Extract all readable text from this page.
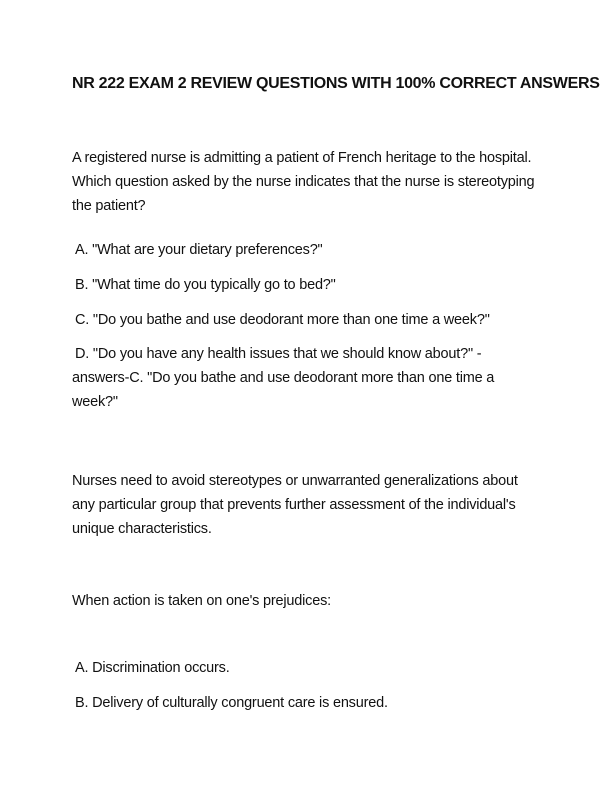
NR 222 EXAM 2 REVIEW QUESTIONS WITH 100% CORRECT ANSWERS
A registered nurse is admitting a patient of French heritage to the hospital. Which question asked by the nurse indicates that the nurse is stereotyping the patient?
A. "What are your dietary preferences?"
B. "What time do you typically go to bed?"
C. "Do you bathe and use deodorant more than one time a week?"
D. "Do you have any health issues that we should know about?" - answers-C. "Do you bathe and use deodorant more than one time a week?"
Nurses need to avoid stereotypes or unwarranted generalizations about any particular group that prevents further assessment of the individual's unique characteristics.
When action is taken on one's prejudices:
A. Discrimination occurs.
B. Delivery of culturally congruent care is ensured.
